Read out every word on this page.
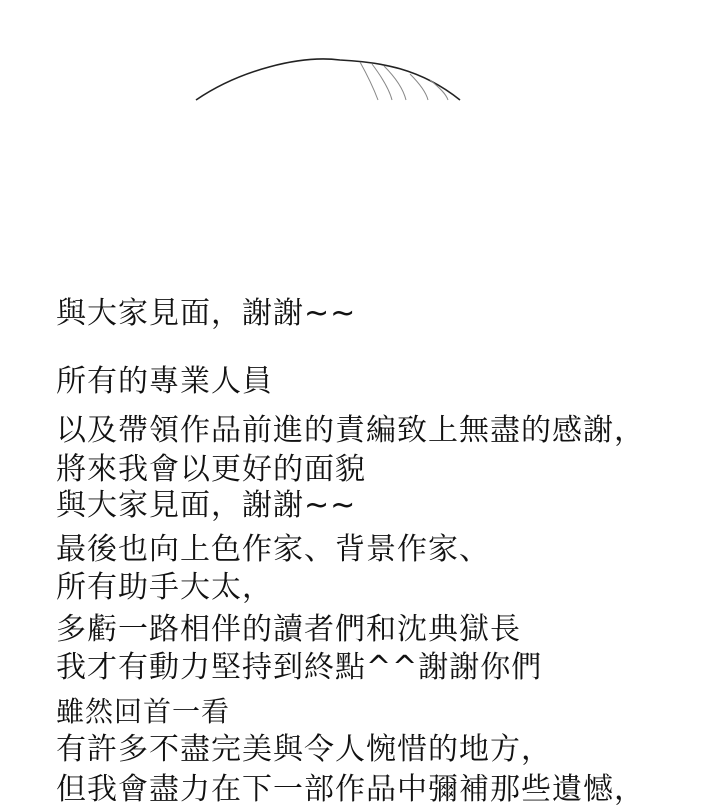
與大家見面，謝謝~~
所有的專業人員
以及帶領作品前進的責編致上無盡的感謝，
將來我會以更好的面貌
與大家見面，謝謝~~
最後也向上色作家、背景作家、
所有助手大太，
多虧一路相伴的讀者們和沈典獄長
我才有動力堅持到終點^^謝謝你們
雖然回首一看
有許多不盡完美與令人惋惜的地方，
但我會盡力在下一部作品中彌補那些遺憾，
